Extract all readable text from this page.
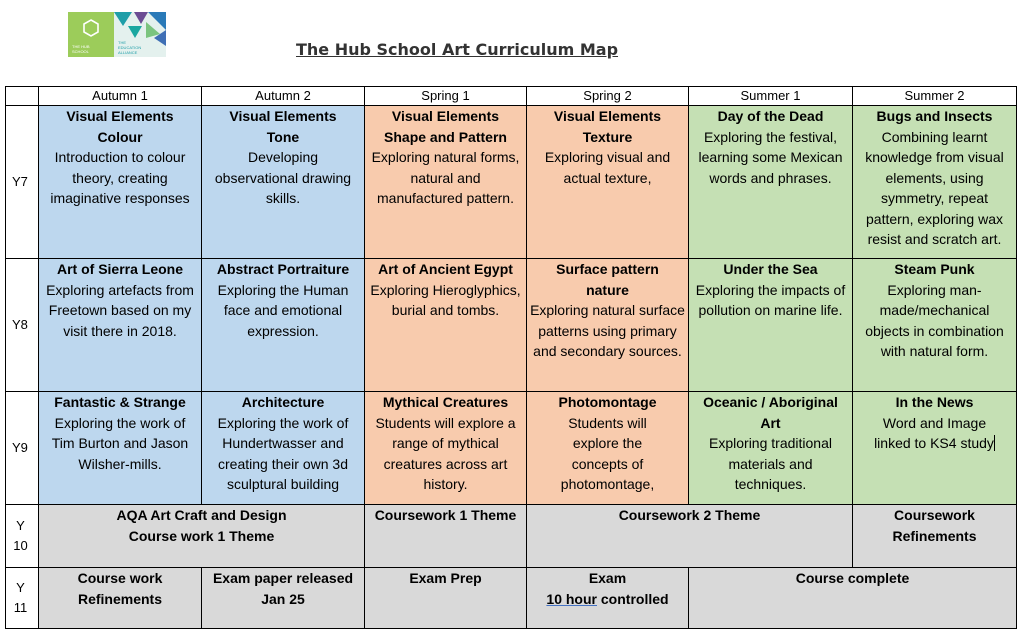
THE HUB
SCHOOL
THE
EDUCATION
ALLIANCE	The Hub School Art Curriculum Map
	Autumn 1	Autumn 2	Spring 1	Spring 2	Summer 1	Summer 2
Y7	Visual Elements
Colour
Introduction to colour theory, creating imaginative responses	Visual Elements
Tone
Developing observational drawing skills.	Visual Elements
Shape and Pattern
Exploring natural forms, natural and manufactured pattern.	Visual Elements
Texture
Exploring visual and actual texture,	Day of the Dead
Exploring the festival, learning some Mexican words and phrases.	Bugs and Insects
Combining learnt knowledge from visual elements, using symmetry, repeat pattern, exploring wax resist and scratch art.

Y8	Art of Sierra Leone
Exploring artefacts from Freetown based on my visit there in 2018.	Abstract Portraiture
Exploring the Human face and emotional expression.	Art of Ancient Egypt
Exploring Hieroglyphics, burial and tombs.	Surface pattern nature
Exploring natural surface patterns using primary and secondary sources.	Under the Sea
Exploring the impacts of pollution on marine life.	Steam Punk
Exploring man-made/mechanical objects in combination with natural form.

Y9	Fantastic & Strange
Exploring the work of Tim Burton and Jason Wilsher-mills.	Architecture
Exploring the work of Hundertwasser and creating their own 3d sculptural building	Mythical Creatures
Students will explore a range of mythical creatures across art history.	Photomontage
Students will explore the concepts of photomontage,	Oceanic / Aboriginal Art
Exploring traditional materials and techniques.	In the News
Word and Image linked to KS4 study

Y
10	AQA Art Craft and Design
Course work 1 Theme		Coursework 1 Theme	Coursework 2 Theme		Coursework
Refinements

Y
11	Course work
Refinements	Exam paper released
Jan 25	Exam Prep	Exam
10 hour controlled	Course complete	
